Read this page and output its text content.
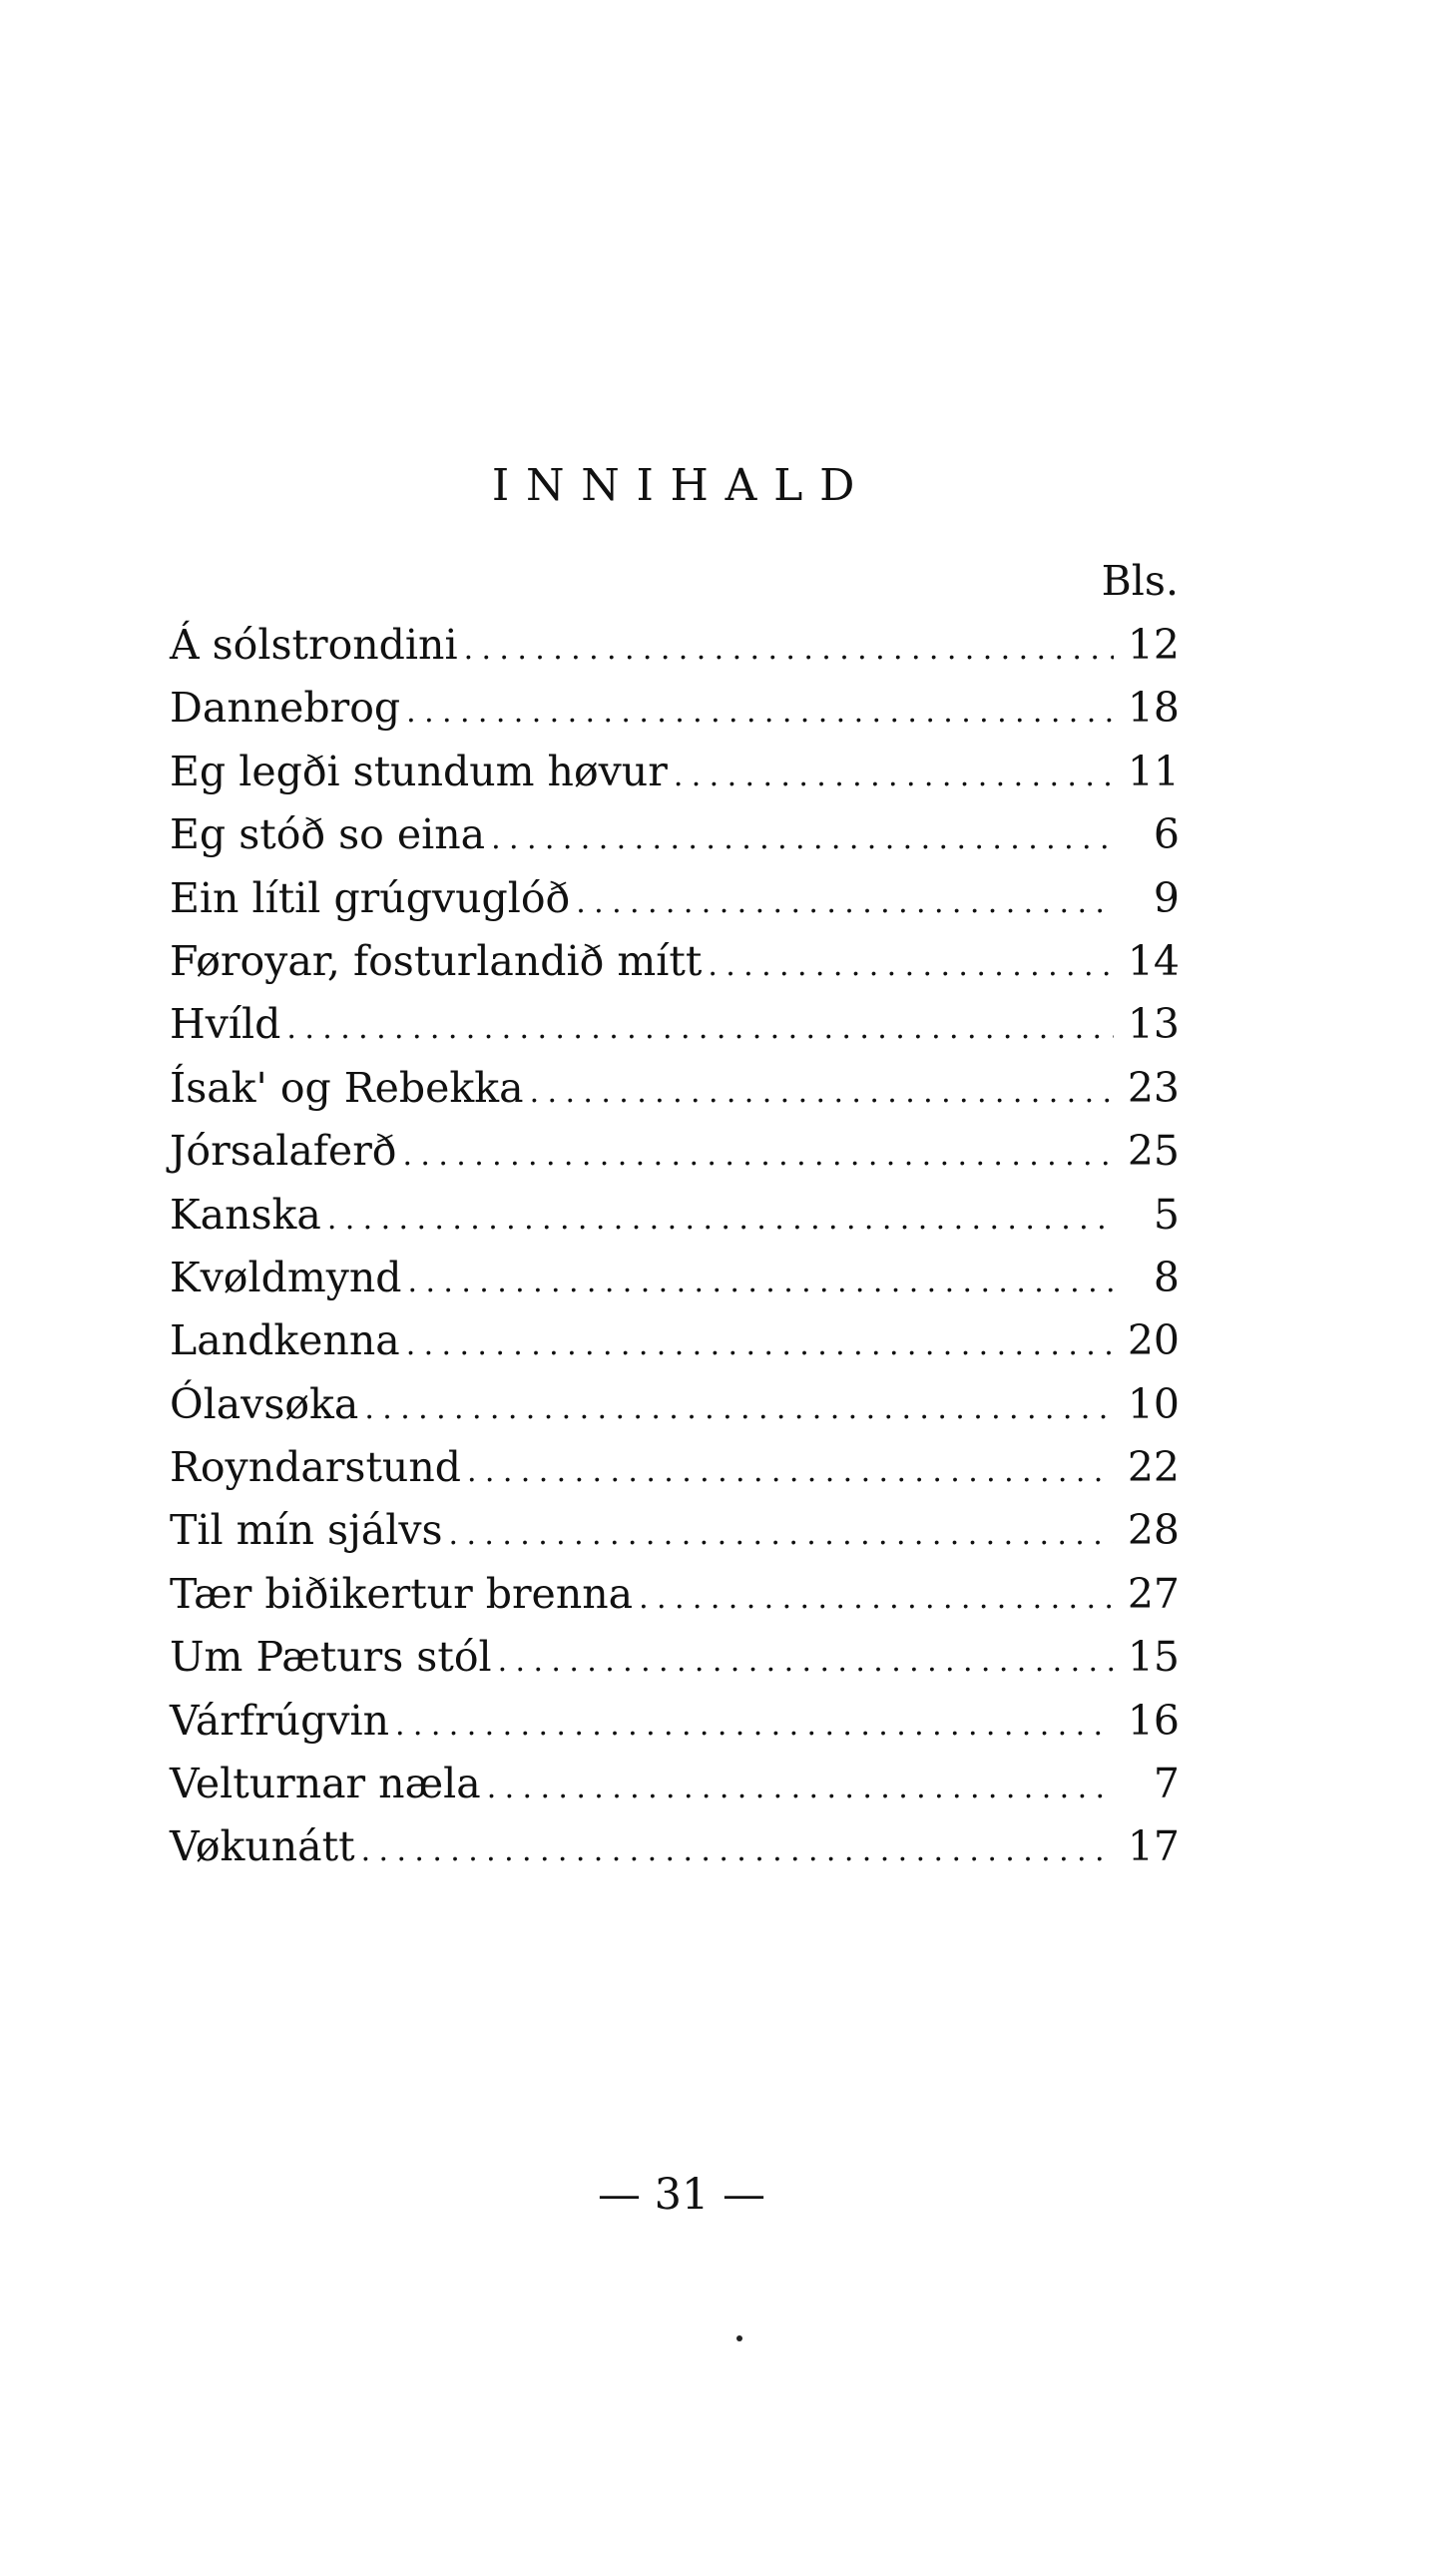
INNIHALD
Bls.
Á sólstrondini .....	12
Dannebrog .....	18
Eg legði stundum høvur .....	11
Eg stóð so eina .....	6
Ein lítil grúgvuglóð .....	9
Føroyar, fosturlandið mítt .....	14
Hvíld .....	13
Ísak' og Rebekka .....	23
Jórsalaferð .....	25
Kanska .....	5
Kvøldmynd .....	8
Landkenna .....	20
Ólavsøka .....	10
Royndarstund .....	22
Til mín sjálvs .....	28
Tær biðikertur brenna .....	27
Um Pæturs stól .....	15
Várfrúgvin .....	16
Velturnar næla .....	7
Vøkunátt .....	17
— 31 —
